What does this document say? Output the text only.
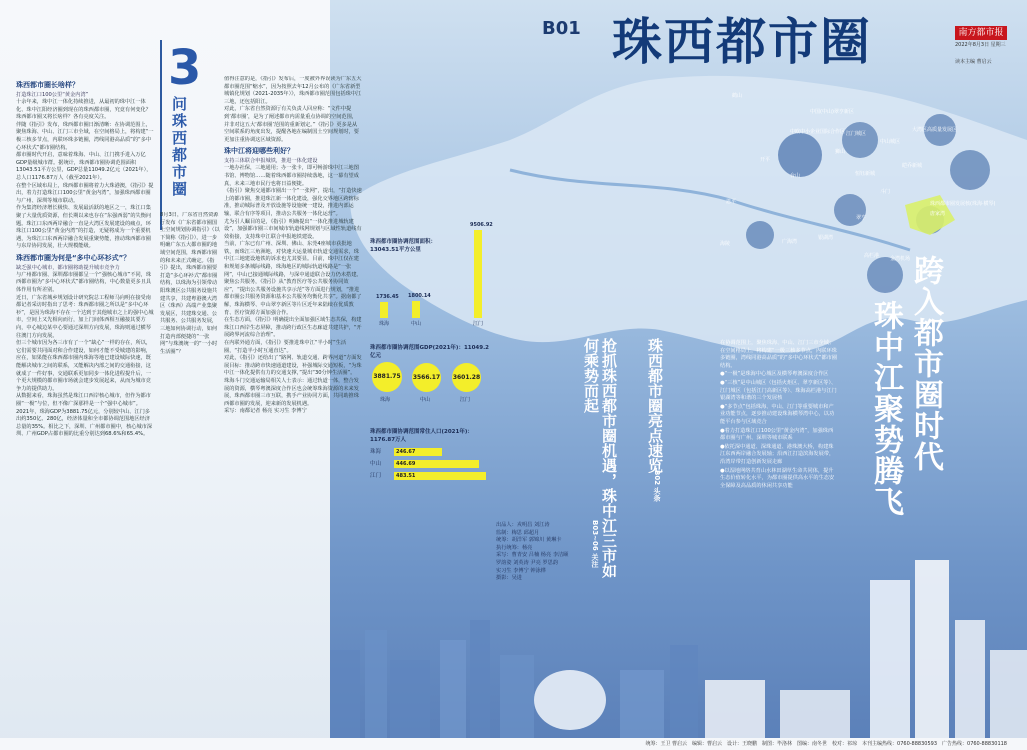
鹤山
中国(中山)翠亨新区
中欧中小企业国际合作区 江门城区
中山城区
大湾区高质量发展区
狮山
皑乔新城
恒钰新城
开平
台山
斗门
珠西都市圈发展核(珠海·横琴)
恩平
广海湾
海陵
金湾机场
高栏港
唐家湾
翠亨
银湖湾
B01 珠西都市圈	南方都市报
2022年8月3日 星期三
读本主编 曹启云
珠西都市圈长啥样？
打造珠江口100公里“黄金内湾”

十余年来，珠中江一体化持续推进，从最初的珠中江一体化、珠中江阳经济圈到现在的珠西都市圈，究竟有何变化？珠西都市圈又将长啥样？各有亮度关注。

伴随《指引》发布，珠西都市圈日渐清晰：在协调范围上，聚焦珠海、中山、江门三市全域，在空间格局上，将构建“一极三核多节点，内联环珠多链圈，湾线同港高品质”的“多中心环状式”都市圈结构。

都市圈时代开启，意味着珠海、中山、江门携手进入万亿GDP量级城市群。据统计，珠西都市圈协调范围面积13043.51平方公里，GDP总量11049.2亿元（2021年），总人口1176.87万人（截至2021年）。

在整个区域布局上，珠西都市圈将着力大珠港澳，《指引》提出，着力打造珠江口100公里“黄金内湾”，加强珠西都市圈与广州、深圳等城市联动。

作为集湾经济增长极快、发展最活跃的地区之一，珠江口集聚了大量优质资源，但长期以来也存在“东强西弱”的失衡问题。珠江口东西两岸融合一直是大湾区发展建设的痛点，环珠江口100公里“黄金内湾”的打造，无疑将成为一个重要机遇，为珠江口东西两岸融合发展重聚势能，推动珠西都市圈与东岸协同发展，壮大规模能级。

珠西都市圈为何是“多中心环衫式”？
缺乏强中心城市，都市圈将助提升城市竞争力

与广州都市圈、深圳都市圈都呈一个“强核心城市”不同，珠西都市圈为“多中心环状式”都市圈结构，中心数量更多且具体作用有所差别。

近日，广东省城乡规划设计研究院总工程师马向明在接受南都记者采访时指出了思考：珠西都市圈之所以是“多中心环衫”，是因为珠海不存在一个达到于其他城市之上的强中心城市，空间上又先相向而行，加上门间体西相互融接其要方向，中心城边某中心要通过深圳方向发展，珠海则通过横琴往澳门方向发展。

但三个城市因为各三市有了一个“缺心”一样的存在，所以，它们需要共同面对和合作建设，如何才能不受城建的影响，应在，如果能在珠西都市圈内珠海等地已建设城际快速，既能解决城市之间的联系，又能解决内部之间的交通衔接，这就成了一件好事，交通联系更加同步一体化进程提升后，一个更大规模的都市圈市场就会建步发展起来，从而为城市竞争力的提供助力。

从数据来看，珠海虽然是珠江口西岸核心城市，但作为都市圈“一极”与位，但不像广深那样是一个“强中心城市”。2021年，珠海GDP为3881.75亿元，分别较中山、江门多出约350亿、280亿，经济体量和全市都协调范围地区经济总量的35%。相比之下，深圳、广州都市圈中，核心城市深圳、广州GDP占都市圈的比重分别达到68.6%和65.4%。

3
问珠西都市圈

8月3日，广东省自然资源厅发布《广东省都市圈国土空间规划协调指引》（以下简称《指引》），进一步明确广东五大都市圈的地域空间范围，珠西都市圈的和未来正式确定。《指引》提出，珠西都市圈要打造“多心环衫式”都市圈结构，以珠海为引领带动阳珠澳区公共服务设施共建共享，共建粤港澳大湾区（珠西）高端产业集聚发展区，共建珠交通、公共服务、公共服务发展，三地如何协调行动，如何打造内部便捷的“一张网”与珠澳统一的“一小时生活圈”？

值得注意的是，《指引》发布后，一度被外界误读为广东五大都市圈范围“缩水”，因为按照去年12月公布的《广东省新型城镇化规划（2021-2035年）》，珠西都市圈范围包括珠中江三地，还包括阳江。

对此，广东省自然资源厅有关负责人回应称：“文件中提到‘都市圈’，是为了阐述都市内需量重点协调的空间范围，并非对这五大‘都市圈’范围的重新划定。”《指引》更多是从空间联系的角度出发，提醒各地在编制国土空间规划时，要更加注重协调这区域资源。

珠中江将迎哪些利好？
支持三体联合申报城铁，推进一体化建设

一地办社保，三地通用；办一张卡，即可畅游珠中江三地图书馆、博物馆……随着珠西都市圈持续落地，这一幕有望成真，未来三地市民行也将日益便捷。

《指引》聚焦交通都市圈出一个“一张网”，提出，“打造快速上的都市圈，推进珠江新一体化建设，强化交界地区跨辖标准，推动城际普及开放设施等设施统一建设，推进内部运输，联合有序等项目，推动公共服务一体化运营”。

尤为引人瞩目的是，《指引》明确提出“一体化推进城轨建设”，加强都市圈三市间城市轨道线网规划与区域性轨道线有效衔接，支持珠中江联合申报地铁建设。

当前，广东已有广州、深圳、佛山、东莞4座城市获批地铁，而珠江三角洲地，对快速大运量城市轨道交通需求，珠中江三地建设地铁的诉求也尤其要显。目前，珠中江仅在建和规划多条城际线路，珠海地区的城际轨道线路是“一张网”，中山已接通城际线路，与深中通道联合设力仍未搭建。

聚焦公共服务，《指引》从“教育医疗等公共服务协同效应”，“提出公共服务设施共享示范”等方面进行规划，“推进都市圈公共服务资源和基本公共服务均衡化共享”。据南都了解，珠海横琴、中山翠亨新区等片区近年来陆续在优质教育、医疗资源方面加强合作。

在生态方面，《指引》明确提出全面加强区域生态共保，构建珠江口西岸生态屏障，推动跨行政区生态廊道共建共护，“开展跨界河流综合治理”。

在内联外通方面，《指引》要推进珠中江“半小时”生活圈，“打造半小时互通直达”。

对此，《指引》还给出了“路网、轨道交通、跨界河道”方面发展目标：推动跨市快速通道建设，补强城际交通短板，“为珠中江一体化提供有力的交通支撑，”提出“30分钟生活圈”。

珠海斗门交通运输局相关人士表示：通过轨道一体，整合发展的资源，横琴粤澳深度合作区也会统筹珠海资源的未来发展，珠西都市圈三市互联，携手产业协同方面，共同助推珠西都市圈的发展，迎来新的发展机遇。

采写：南都记者 杨亮 实习生 李博宁

珠西都市圈协调范围面积：13043.51平方公里
1736.45
珠海
1800.14
中山
9506.92
江门
珠西都市圈协调范围GDP(2021年)：11049.2亿元
3881.75
珠海
3566.17
中山
3601.28
江门
珠西都市圈协调范围常住人口(2021年)：1176.87万人
珠海	246.67
中山	446.69
江门	483.51

出品人：戎明昌 刘江涛

监制：梅思 邱超月

统筹：胡洋军 郭锦川 黄琳卡

执行统筹：杨亮

采写：曹青安 吕楠 杨亮 李洁颐

罗韵姿 刘英涛 尹亮 罗思韵

实习生 李博宁 钟泳桦

摄影：吴进

抢抓珠西都市圈机遇，珠中江三市如何乘势而起
B03~06 关注
珠西都市圈亮点速览
B02 头条
跨入都市圈时代
珠中江聚势腾飞

在协调范围上，聚焦珠海、中山、江门三市全域；在空间格局上，将构建“一极三核多节点，内联环珠多链圈，湾线同港高品质”的“多中心环状式”都市圈结构。

●“一极”是珠海中心城区及横琴粤澳深度合作区

●“三核”是中山城区（包括火炬区、翠亨新区等）、江门城区（包括江门高新区等）、珠海高栏港与江门银湖湾等和谐的三个发展核

●“多节点”包括珠海、中山、江门等重要城市和产业功能节点，逐步推动建设珠海横琴湾中心，以功能平台参与区域竞合

●着力打造珠江口100公里“黄金内湾”，加强珠西都市圈与广州、深圳等城市联系

●依托深中通道、深珠通道、港珠澳大桥，构建珠江东西两岸融合发展轴；沿西江打造滨海发展带，沿湾岸带打造创新发展走廊

●以湿地网络共育山水林田湖草生命共同体，提升生态价值转化水平，为都市圈提供高水平的生态安全保障及高品质的休闲共享功能

统筹：王卫 曹启云　编辑：曹启云　设计：王晓鹏　制图：毕洛林　图编：南冬世　校对：祁琼　本刊主编热线：0760-88830593　广告热线：0760-88830118
